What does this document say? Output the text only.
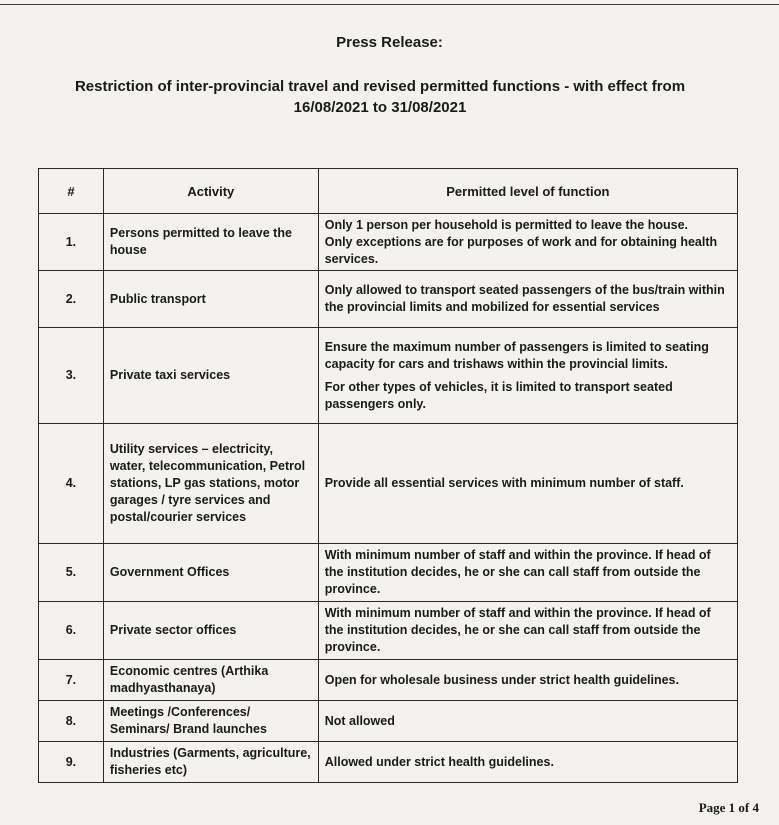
Press Release:
Restriction of inter-provincial travel and revised permitted functions - with effect from
16/08/2021 to 31/08/2021
#	Activity	Permitted level of function
1.	Persons permitted to leave the house	Only 1 person per household is permitted to leave the house.
Only exceptions are for purposes of work and for obtaining health services.

2.	Public transport	Only allowed to transport seated passengers of the bus/train within the provincial limits and mobilized for essential services

3.	Private taxi services	Ensure the maximum number of passengers is limited to seating capacity for cars and trishaws within the provincial limits.
For other types of vehicles, it is limited to transport seated passengers only.

4.	Utility services – electricity, water, telecommunication, Petrol stations, LP gas stations, motor garages / tyre services and postal/courier services	Provide all essential services with minimum number of staff.

5.	Government Offices	With minimum number of staff and within the province. If head of the institution decides, he or she can call staff from outside the province.

6.	Private sector offices	With minimum number of staff and within the province. If head of the institution decides, he or she can call staff from outside the province.

7.	Economic centres (Arthika madhyasthanaya)	Open for wholesale business under strict health guidelines.

8.	Meetings /Conferences/ Seminars/ Brand launches	Not allowed

9.	Industries (Garments, agriculture, fisheries etc)	Allowed under strict health guidelines.
Page 1 of 4
